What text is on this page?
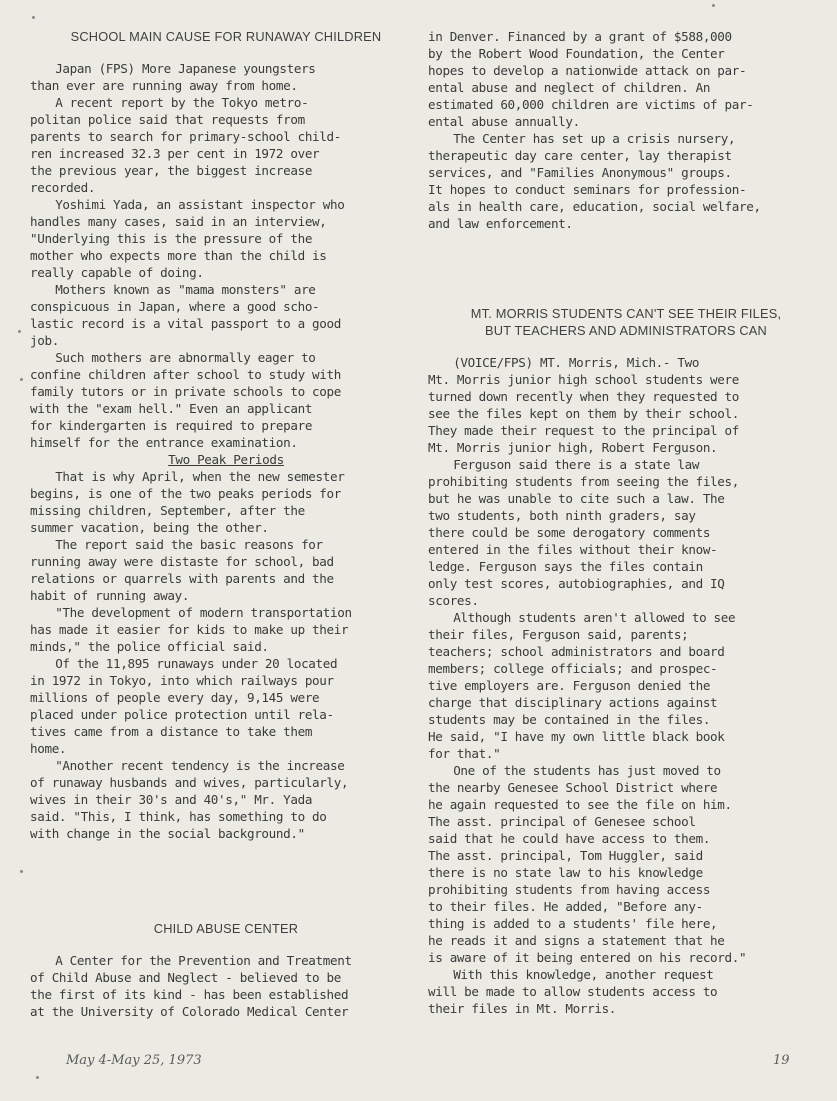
SCHOOL MAIN CAUSE FOR RUNAWAY CHILDREN

Japan (FPS) More Japanese youngsters
than ever are running away from home.

A recent report by the Tokyo metro-
politan police said that requests from
parents to search for primary-school child-
ren increased 32.3 per cent in 1972 over
the previous year, the biggest increase
recorded.

Yoshimi Yada, an assistant inspector who
handles many cases, said in an interview,
"Underlying this is the pressure of the
mother who expects more than the child is
really capable of doing.

Mothers known as "mama monsters" are
conspicuous in Japan, where a good scho-
lastic record is a vital passport to a good
job.

Such mothers are abnormally eager to
confine children after school to study with
family tutors or in private schools to cope
with the "exam hell." Even an applicant
for kindergarten is required to prepare
himself for the entrance examination.

Two Peak Periods

That is why April, when the new semester
begins, is one of the two peaks periods for
missing children, September, after the
summer vacation, being the other.

The report said the basic reasons for
running away were distaste for school, bad
relations or quarrels with parents and the
habit of running away.

"The development of modern transportation
has made it easier for kids to make up their
minds," the police official said.

Of the 11,895 runaways under 20 located
in 1972 in Tokyo, into which railways pour
millions of people every day, 9,145 were
placed under police protection until rela-
tives came from a distance to take them
home.

"Another recent tendency is the increase
of runaway husbands and wives, particularly,
wives in their 30's and 40's," Mr. Yada
said. "This, I think, has something to do
with change in the social background."

CHILD ABUSE CENTER

A Center for the Prevention and Treatment
of Child Abuse and Neglect - believed to be
the first of its kind - has been established
at the University of Colorado Medical Center

in Denver. Financed by a grant of $588,000
by the Robert Wood Foundation, the Center
hopes to develop a nationwide attack on par-
ental abuse and neglect of children. An
estimated 60,000 children are victims of par-
ental abuse annually.

The Center has set up a crisis nursery,
therapeutic day care center, lay therapist
services, and "Families Anonymous" groups.
It hopes to conduct seminars for profession-
als in health care, education, social welfare,
and law enforcement.

MT. MORRIS STUDENTS CAN'T SEE THEIR FILES,
BUT TEACHERS AND ADMINISTRATORS CAN

(VOICE/FPS) MT. Morris, Mich.- Two
Mt. Morris junior high school students were
turned down recently when they requested to
see the files kept on them by their school.
They made their request to the principal of
Mt. Morris junior high, Robert Ferguson.

Ferguson said there is a state law
prohibiting students from seeing the files,
but he was unable to cite such a law. The
two students, both ninth graders, say
there could be some derogatory comments
entered in the files without their know-
ledge. Ferguson says the files contain
only test scores, autobiographies, and IQ
scores.

Although students aren't allowed to see
their files, Ferguson said, parents;
teachers; school administrators and board
members; college officials; and prospec-
tive employers are. Ferguson denied the
charge that disciplinary actions against
students may be contained in the files.
He said, "I have my own little black book
for that."

One of the students has just moved to
the nearby Genesee School District where
he again requested to see the file on him.
The asst. principal of Genesee school
said that he could have access to them.
The asst. principal, Tom Huggler, said
there is no state law to his knowledge
prohibiting students from having access
to their files. He added, "Before any-
thing is added to a students' file here,
he reads it and signs a statement that he
is aware of it being entered on his record."

With this knowledge, another request
will be made to allow students access to
their files in Mt. Morris.

May 4-May 25, 1973	19
